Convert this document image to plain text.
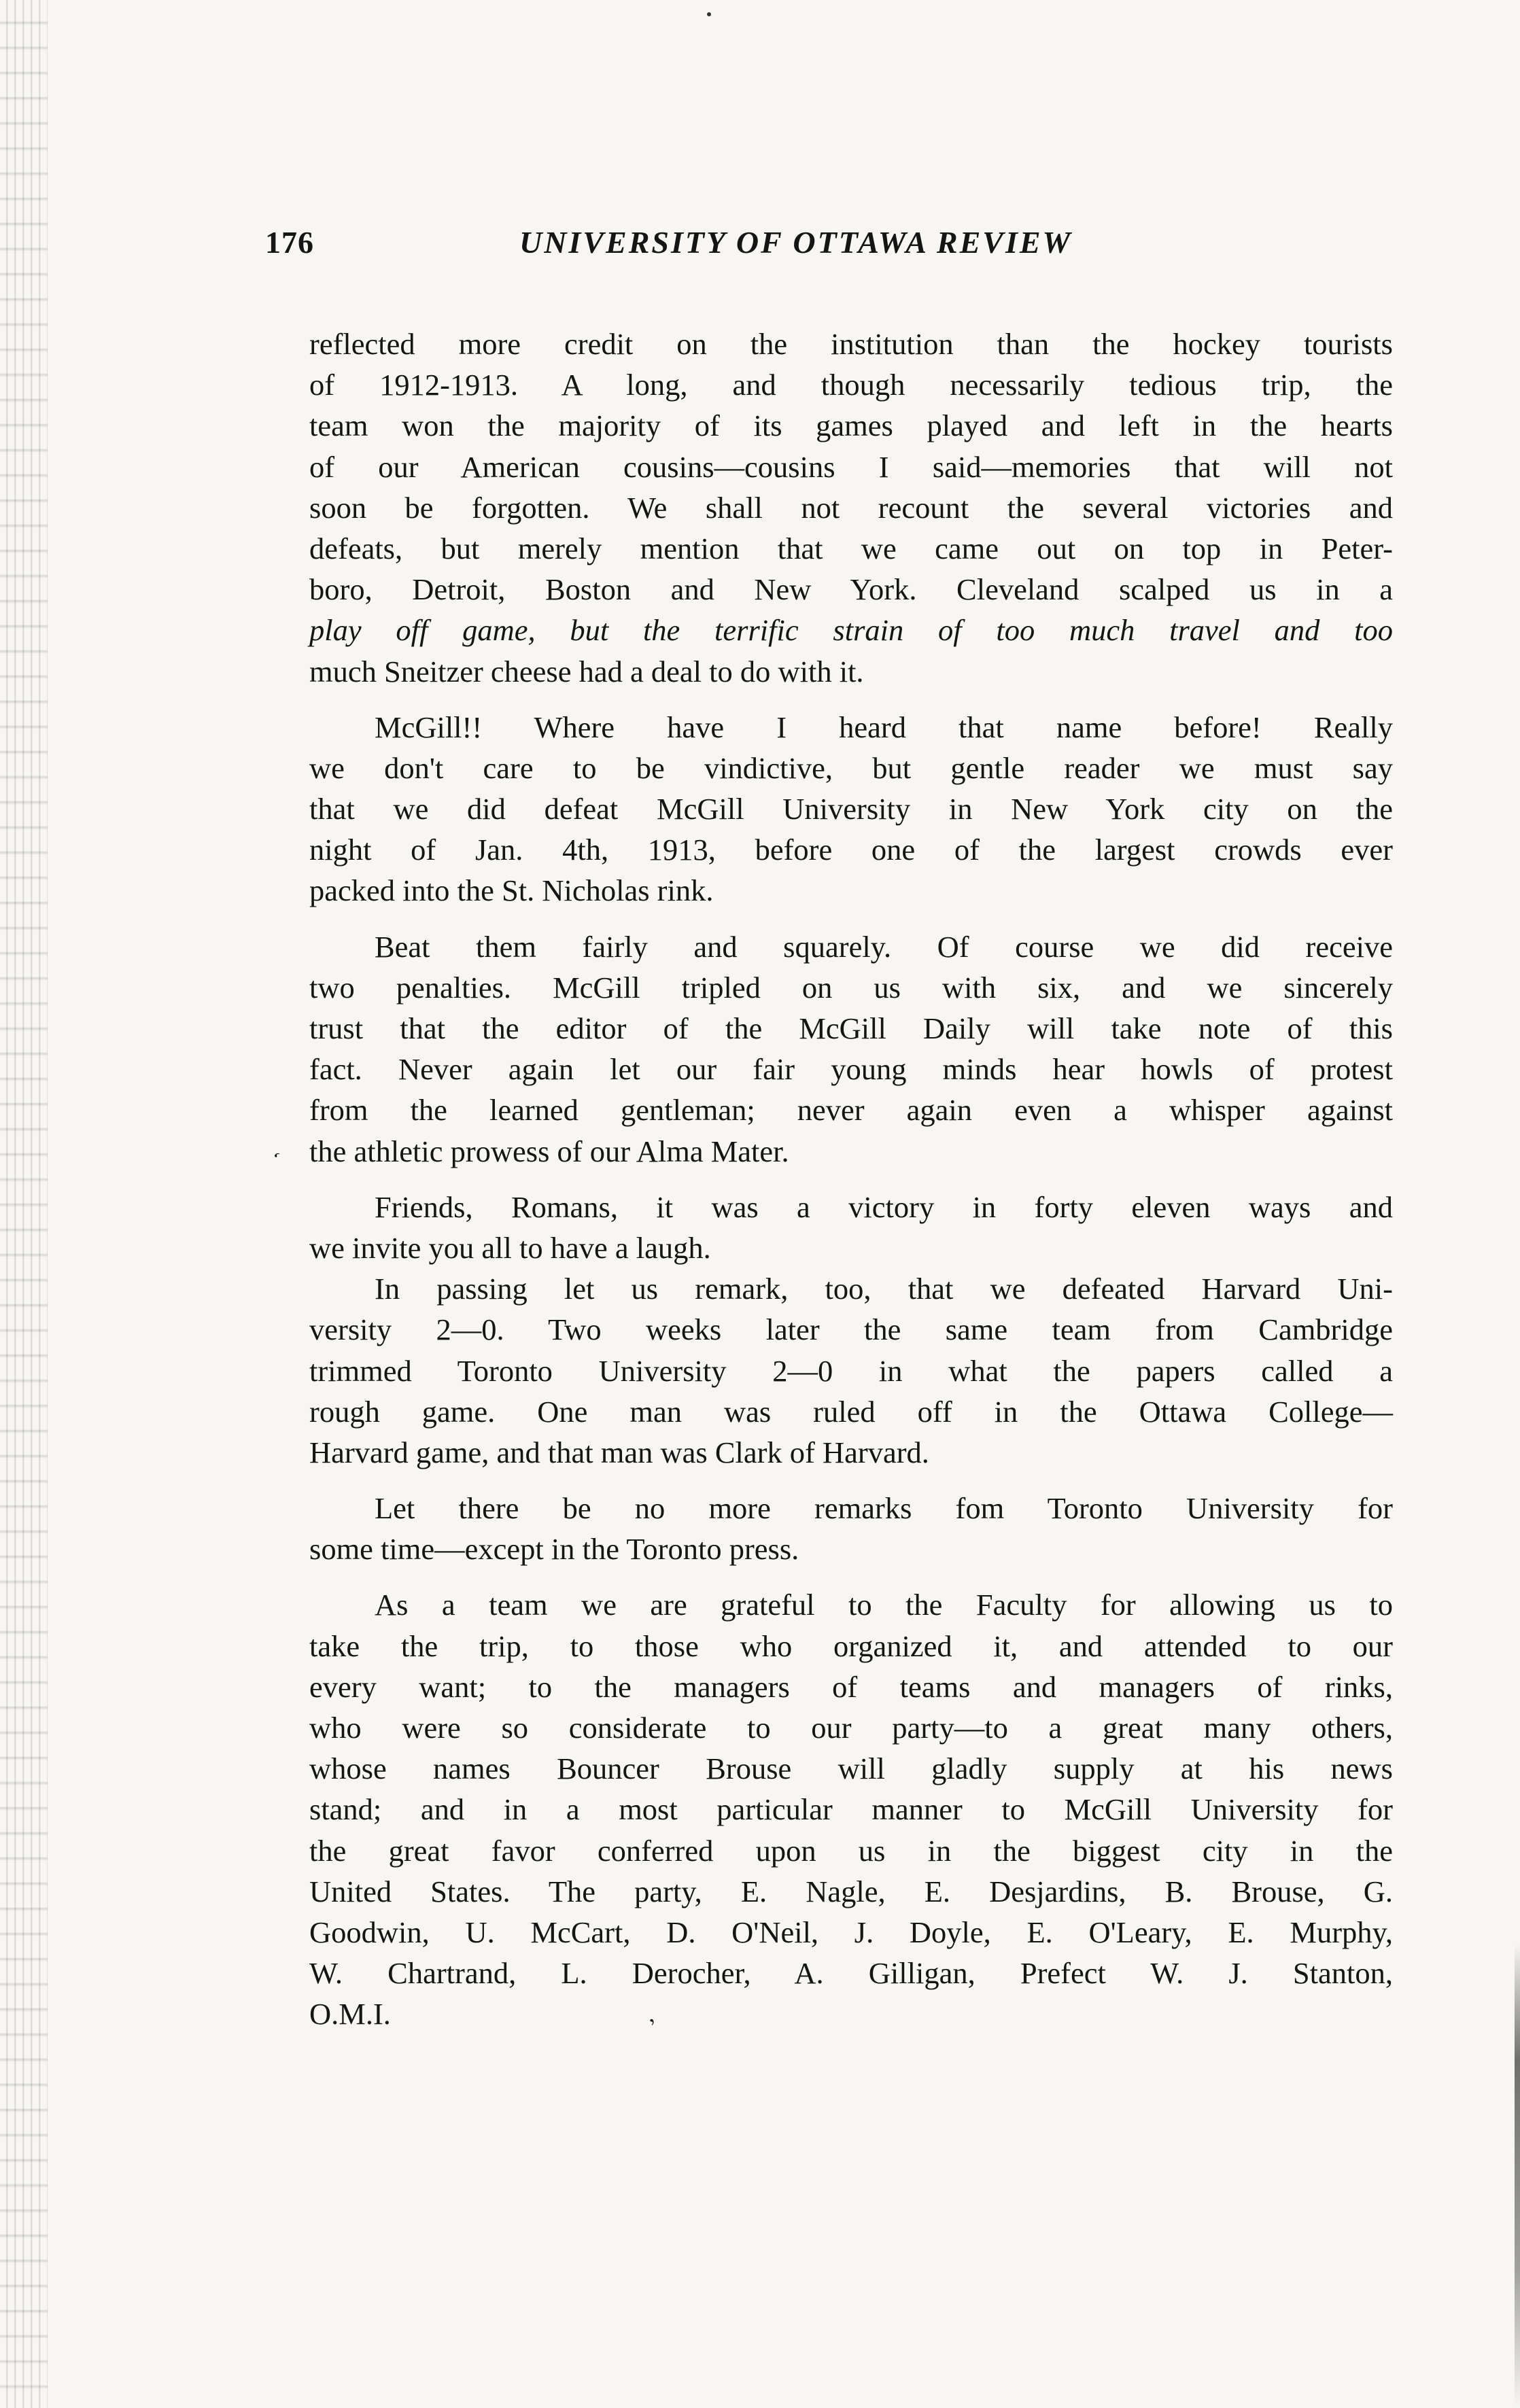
176	UNIVERSITY OF OTTAWA REVIEW
reflected more credit on the institution than the hockey tourists
of 1912-1913. A long, and though necessarily tedious trip, the
team won the majority of its games played and left in the hearts
of our American cousins—cousins I said—memories that will not
soon be forgotten. We shall not recount the several victories and
defeats, but merely mention that we came out on top in Peter-
boro, Detroit, Boston and New York. Cleveland scalped us in a
play off game, but the terrific strain of too much travel and too
much Sneitzer cheese had a deal to do with it.
McGill!! Where have I heard that name before! Really
we don't care to be vindictive, but gentle reader we must say
that we did defeat McGill University in New York city on the
night of Jan. 4th, 1913, before one of the largest crowds ever
packed into the St. Nicholas rink.
Beat them fairly and squarely. Of course we did receive
two penalties. McGill tripled on us with six, and we sincerely
trust that the editor of the McGill Daily will take note of this
fact. Never again let our fair young minds hear howls of protest
from the learned gentleman; never again even a whisper against
the athletic prowess of our Alma Mater.
Friends, Romans, it was a victory in forty eleven ways and
we invite you all to have a laugh.
In passing let us remark, too, that we defeated Harvard Uni-
versity 2—0. Two weeks later the same team from Cambridge
trimmed Toronto University 2—0 in what the papers called a
rough game. One man was ruled off in the Ottawa College—
Harvard game, and that man was Clark of Harvard.
Let there be no more remarks fom Toronto University for
some time—except in the Toronto press.
As a team we are grateful to the Faculty for allowing us to
take the trip, to those who organized it, and attended to our
every want; to the managers of teams and managers of rinks,
who were so considerate to our party—to a great many others,
whose names Bouncer Brouse will gladly supply at his news
stand; and in a most particular manner to McGill University for
the great favor conferred upon us in the biggest city in the
United States. The party, E. Nagle, E. Desjardins, B. Brouse, G.
Goodwin, U. McCart, D. O'Neil, J. Doyle, E. O'Leary, E. Murphy,
W. Chartrand, L. Derocher, A. Gilligan, Prefect W. J. Stanton,
O.M.I.
‘
’
